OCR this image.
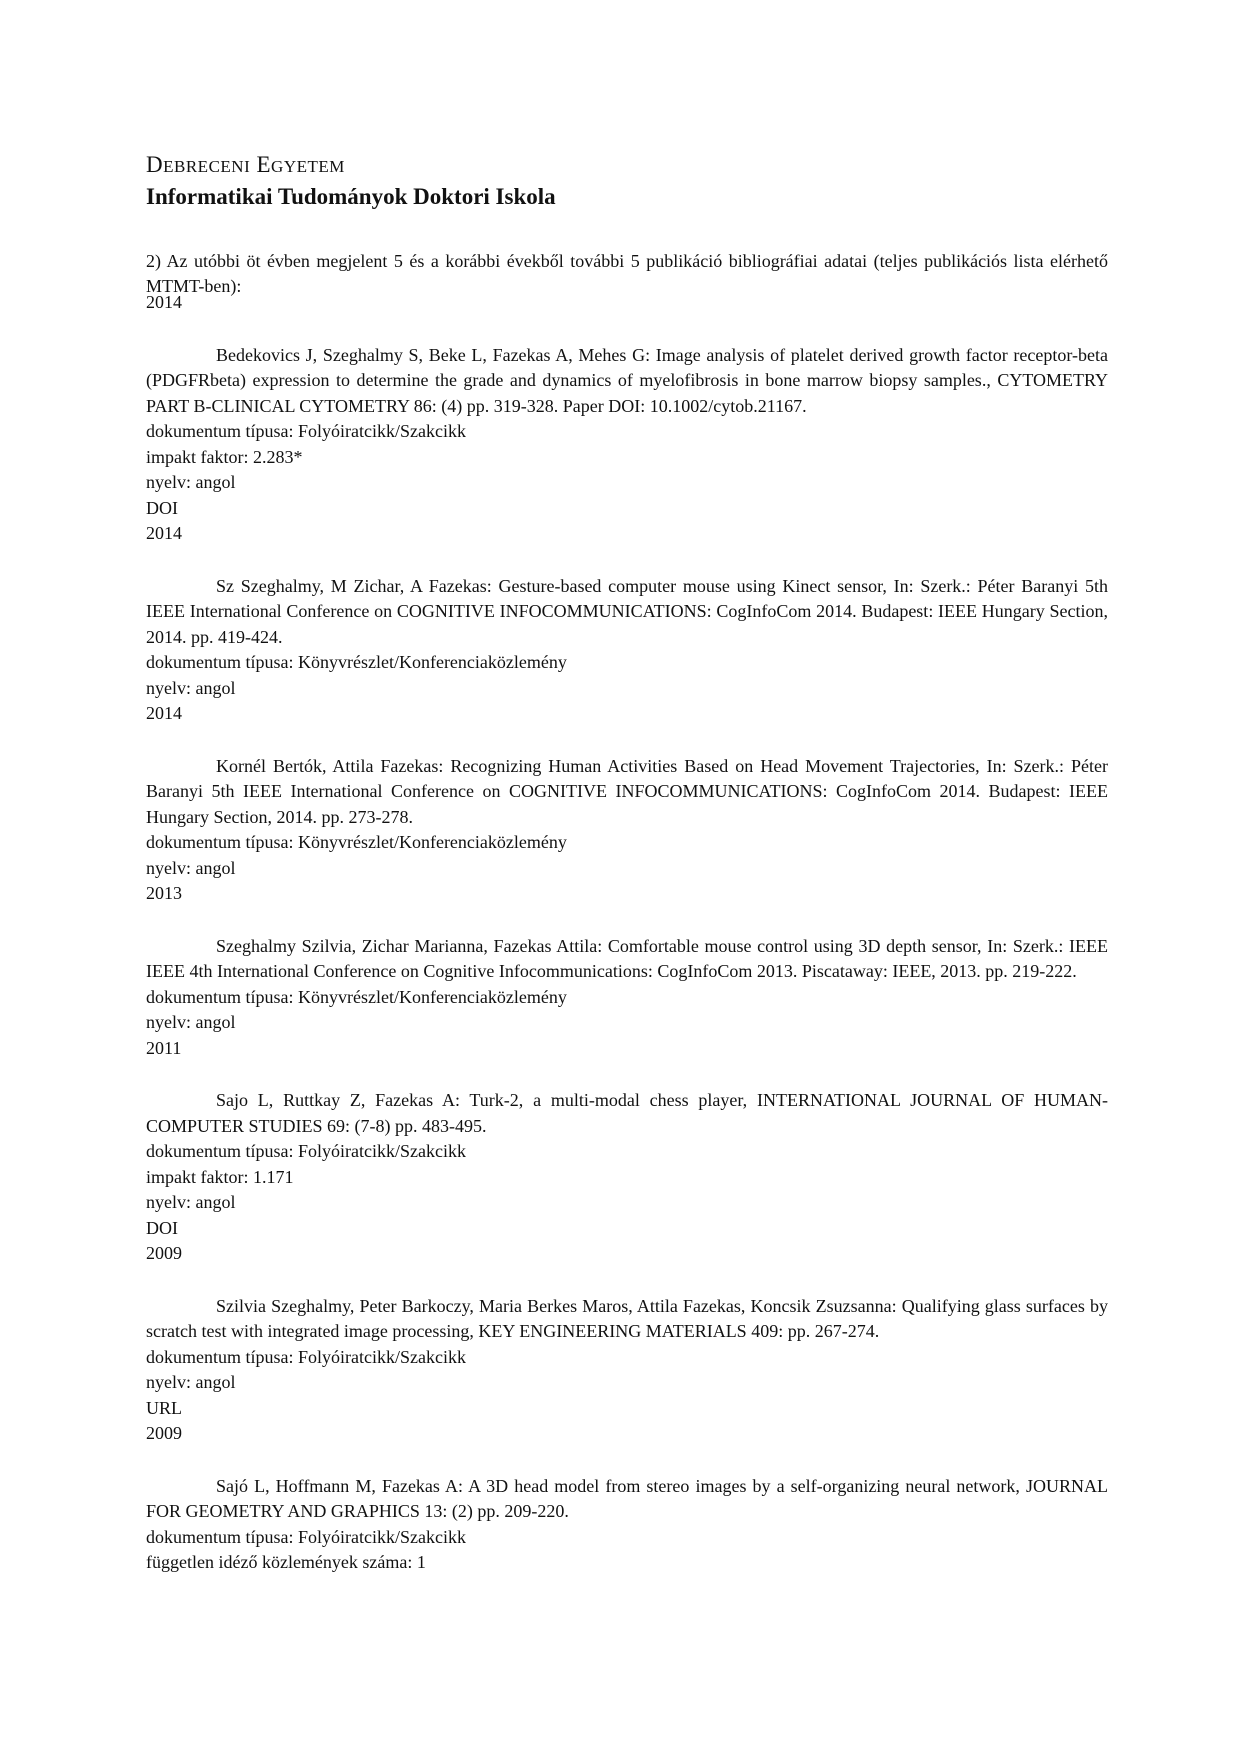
DEBRECENI EGYETEM

Informatikai Tudományok Doktori Iskola

2) Az utóbbi öt évben megjelent 5 és a korábbi évekből további 5 publikáció bibliográfiai adatai (teljes publikációs lista elérhető MTMT-ben):

2014

Bedekovics J, Szeghalmy S, Beke L, Fazekas A, Mehes G: Image analysis of platelet derived growth factor receptor-beta (PDGFRbeta) expression to determine the grade and dynamics of myelofibrosis in bone marrow biopsy samples., CYTOMETRY PART B-CLINICAL CYTOMETRY 86: (4) pp. 319-328. Paper DOI: 10.1002/cytob.21167.

dokumentum típusa: Folyóiratcikk/Szakcikk

impakt faktor: 2.283*

nyelv: angol

DOI

2014

Sz Szeghalmy, M Zichar, A Fazekas: Gesture-based computer mouse using Kinect sensor, In: Szerk.: Péter Baranyi 5th IEEE International Conference on COGNITIVE INFOCOMMUNICATIONS: CogInfoCom 2014. Budapest: IEEE Hungary Section, 2014. pp. 419-424.

dokumentum típusa: Könyvrészlet/Konferenciaközlemény

nyelv: angol

2014

Kornél Bertók, Attila Fazekas: Recognizing Human Activities Based on Head Movement Trajectories, In: Szerk.: Péter Baranyi 5th IEEE International Conference on COGNITIVE INFOCOMMUNICATIONS: CogInfoCom 2014. Budapest: IEEE Hungary Section, 2014. pp. 273-278.

dokumentum típusa: Könyvrészlet/Konferenciaközlemény

nyelv: angol

2013

Szeghalmy Szilvia, Zichar Marianna, Fazekas Attila: Comfortable mouse control using 3D depth sensor, In: Szerk.: IEEE IEEE 4th International Conference on Cognitive Infocommunications: CogInfoCom 2013. Piscataway: IEEE, 2013. pp. 219-222.

dokumentum típusa: Könyvrészlet/Konferenciaközlemény

nyelv: angol

2011

Sajo L, Ruttkay Z, Fazekas A: Turk-2, a multi-modal chess player, INTERNATIONAL JOURNAL OF HUMAN-COMPUTER STUDIES 69: (7-8) pp. 483-495.

dokumentum típusa: Folyóiratcikk/Szakcikk

impakt faktor: 1.171

nyelv: angol

DOI

2009

Szilvia Szeghalmy, Peter Barkoczy, Maria Berkes Maros, Attila Fazekas, Koncsik Zsuzsanna: Qualifying glass surfaces by scratch test with integrated image processing, KEY ENGINEERING MATERIALS 409: pp. 267-274.

dokumentum típusa: Folyóiratcikk/Szakcikk

nyelv: angol

URL

2009

Sajó L, Hoffmann M, Fazekas A: A 3D head model from stereo images by a self-organizing neural network, JOURNAL FOR GEOMETRY AND GRAPHICS 13: (2) pp. 209-220.

dokumentum típusa: Folyóiratcikk/Szakcikk

független idéző közlemények száma: 1
